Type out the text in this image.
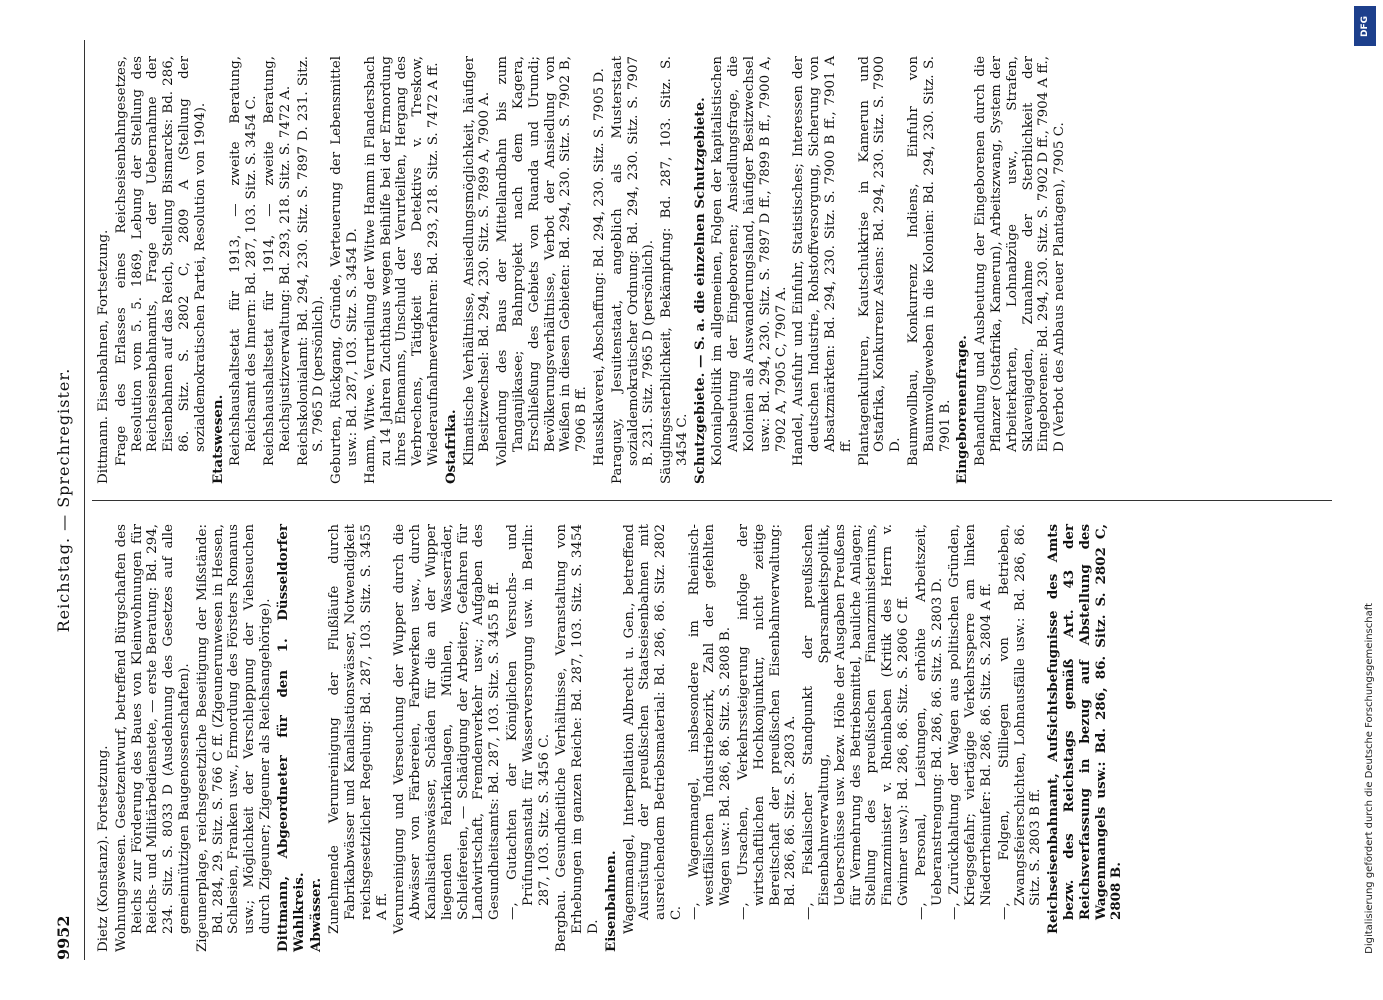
9952
Reichstag. — Sprechregister.

Dietz (Konstanz). Fortsetzung. Wohnungswesen. Gesetzentwurf, betreffend Bürgschaften des Reichs zur Förderung des Baues von Kleinwohnungen für Reichs- und Militärbedienstete, — erste Beratung: Bd. 294, 234. Sitz. S. 8033 D (Ausdehnung des Gesetzes auf alle gemeinnützigen Baugenossenschaften). Zigeunerplage, reichsgesetzliche Beseitigung der Mißstände: Bd. 284, 29. Sitz. S. 766 C ff. (Zigeunerunwesen in Hessen, Schlesien, Franken usw., Ermordung des Försters Romanus usw.; Möglichkeit der Verschleppung der Viehseuchen durch Zigeuner; Zigeuner als Reichsangehörige). Dittmann, Abgeordneter für den 1. Düsseldorfer Wahlkreis. Abwässer. Zunehmende Verunreinigung der Flußläufe durch Fabrikabwässer und Kanalisationswässer, Notwendigkeit reichsgesetzlicher Regelung: Bd. 287, 103. Sitz. S. 3455 A ff. Verunreinigung und Verseuchung der Wupper durch die Abwässer von Färbereien, Farbwerken usw., durch Kanalisationswässer, Schäden für die an der Wupper liegenden Fabrikanlagen, Mühlen, Wasserräder, Schleifereien, — Schädigung der Arbeiter; Gefahren für Landwirtschaft, Fremdenverkehr usw.; Aufgaben des Gesundheitsamts: Bd. 287, 103. Sitz. S. 3455 B ff. —, Gutachten der Königlichen Versuchs- und Prüfungsanstalt für Wasserversorgung usw. in Berlin: 287, 103. Sitz. S. 3456 C. Bergbau. Gesundheitliche Verhältnisse, Veranstaltung von Erhebungen im ganzen Reiche: Bd. 287, 103. Sitz. S. 3454 D. Eisenbahnen. Wagenmangel, Interpellation Albrecht u. Gen., betreffend Ausrüstung der preußischen Staatseisenbahnen mit ausreichendem Betriebsmaterial: Bd. 286, 86. Sitz. 2802 C. —, Wagenmangel, insbesondere im Rheinisch-westfälischen Industriebezirk, Zahl der gefehlten Wagen usw.: Bd. 286, 86. Sitz. S. 2808 B. —, Ursachen, Verkehrssteigerung infolge der wirtschaftlichen Hochkonjunktur, nicht zeitige Bereitschaft der preußischen Eisenbahnverwaltung: Bd. 286, 86. Sitz. S. 2803 A. —, Fiskalischer Standpunkt der preußischen Eisenbahnverwaltung, Sparsamkeitspolitik, Ueberschüsse usw. bezw. Höhe der Ausgaben Preußens für Vermehrung des Betriebsmittel, bauliche Anlagen; Stellung des preußischen Finanzministeriums, Finanzminister v. Rheinbaben (Kritik des Herrn v. Gwinner usw.): Bd. 286, 86. Sitz. S. 2806 C ff. —, Personal, Leistungen, erhöhte Arbeitszeit, Ueberanstrengung: Bd. 286, 86. Sitz. S. 2803 D. —, Zurückhaltung der Wagen aus politischen Gründen, Kriegsgefahr; viertägige Verkehrssperre am linken Niederrheinufer: Bd. 286, 86. Sitz. S. 2804 A ff. —, Folgen, Stilliegen von Betrieben, Zwangsfeierschichten, Lohnausfälle usw.: Bd. 286, 86. Sitz. S. 2803 B ff. Reichseisenbahnamt, Aufsichtsbefugnisse des Amts bezw. des Reichstags gemäß Art. 43 der Reichsverfassung in bezug auf Abstellung des Wagenmangels usw.: Bd. 286, 86. Sitz. S. 2802 C, 2808 B.

Dittmann. Eisenbahnen, Fortsetzung. Frage des Erlasses eines Reichseisenbahngesetzes, Resolution vom 5. 5. 1869, Lebung der Stellung des Reichseisenbahnamts, Frage der Uebernahme der Eisenbahnen auf das Reich, Stellung Bismarcks: Bd. 286, 86. Sitz. S. 2802 C, 2809 A (Stellung der sozialdemokratischen Partei, Resolution von 1904). Etatswesen. Reichshaushaltsetat für 1913, — zweite Beratung, Reichsamt des Innern: Bd. 287, 103. Sitz. S. 3454 C. Reichshaushaltsetat für 1914, — zweite Beratung, Reichsjustizverwaltung: Bd. 293, 218. Sitz. S. 7472 A. Reichskolonialamt: Bd. 294, 230. Sitz. S. 7897 D. 231. Sitz. S. 7965 D (persönlich). Geburten, Rückgang, Gründe, Verteuerung der Lebensmittel usw.: Bd. 287, 103. Sitz. S. 3454 D. Hamm, Witwe. Verurteilung der Witwe Hamm in Flandersbach zu 14 Jahren Zuchthaus wegen Beihilfe bei der Ermordung ihres Ehemanns, Unschuld der Verurteilten, Hergang des Verbrechens, Tätigkeit des Detektivs v. Treskow, Wiederaufnahmeverfahren: Bd. 293, 218. Sitz. S. 7472 A ff. Ostafrika. Klimatische Verhältnisse, Ansiedlungsmöglichkeit, häufiger Besitzwechsel: Bd. 294, 230. Sitz. S. 7899 A, 7900 A. Vollendung des Baus der Mittellandbahn bis zum Tanganjikasee; Bahnprojekt nach dem Kagera, Erschließung des Gebiets von Ruanda und Urundi; Bevölkerungsverhältnisse, Verbot der Ansiedlung von Weißen in diesen Gebieten: Bd. 294, 230. Sitz. S. 7902 B, 7906 B ff. Haussklaverei, Abschaffung: Bd. 294, 230. Sitz. S. 7905 D. Paraguay, Jesuitenstaat, angeblich als Musterstaat sozialdemokratischer Ordnung: Bd. 294, 230. Sitz. S. 7907 B. 231. Sitz. 7965 D (persönlich). Säuglingssterblichkeit, Bekämpfung: Bd. 287, 103. Sitz. S. 3454 C. Schutzgebiete. — S. a. die einzelnen Schutzgebiete. Kolonialpolitik im allgemeinen, Folgen der kapitalistischen Ausbeutung der Eingeborenen; Ansiedlungsfrage, die Kolonien als Auswanderungsland, häufiger Besitzwechsel usw.: Bd. 294, 230. Sitz. S. 7897 D ff., 7899 B ff., 7900 A, 7902 A, 7905 C, 7907 A. Handel, Ausfuhr und Einfuhr, Statistisches; Interessen der deutschen Industrie, Rohstoffversorgung, Sicherung von Absatzmärkten: Bd. 294, 230. Sitz. S. 7900 B ff., 7901 A ff. Plantagenkulturen, Kautschukkrise in Kamerun und Ostafrika, Konkurrenz Asiens: Bd. 294, 230. Sitz. S. 7900 D. Baumwollbau, Konkurrenz Indiens, Einfuhr von Baumwollgeweben in die Kolonien: Bd. 294, 230. Sitz. S. 7901 B. Eingeborenenfrage. Behandlung und Ausbeutung der Eingeborenen durch die Pflanzer (Ostafrika, Kamerun), Arbeitszwang, System der Arbeiterkarten, Lohnabzüge usw., Strafen, Sklavenjagden, Zunahme der Sterblichkeit der Eingeborenen: Bd. 294, 230. Sitz. S. 7902 D ff., 7904 A ff., D (Verbot des Anbaus neuer Plantagen), 7905 C.

DFG
Digitalisierung gefördert durch die Deutsche Forschungsgemeinschaft
